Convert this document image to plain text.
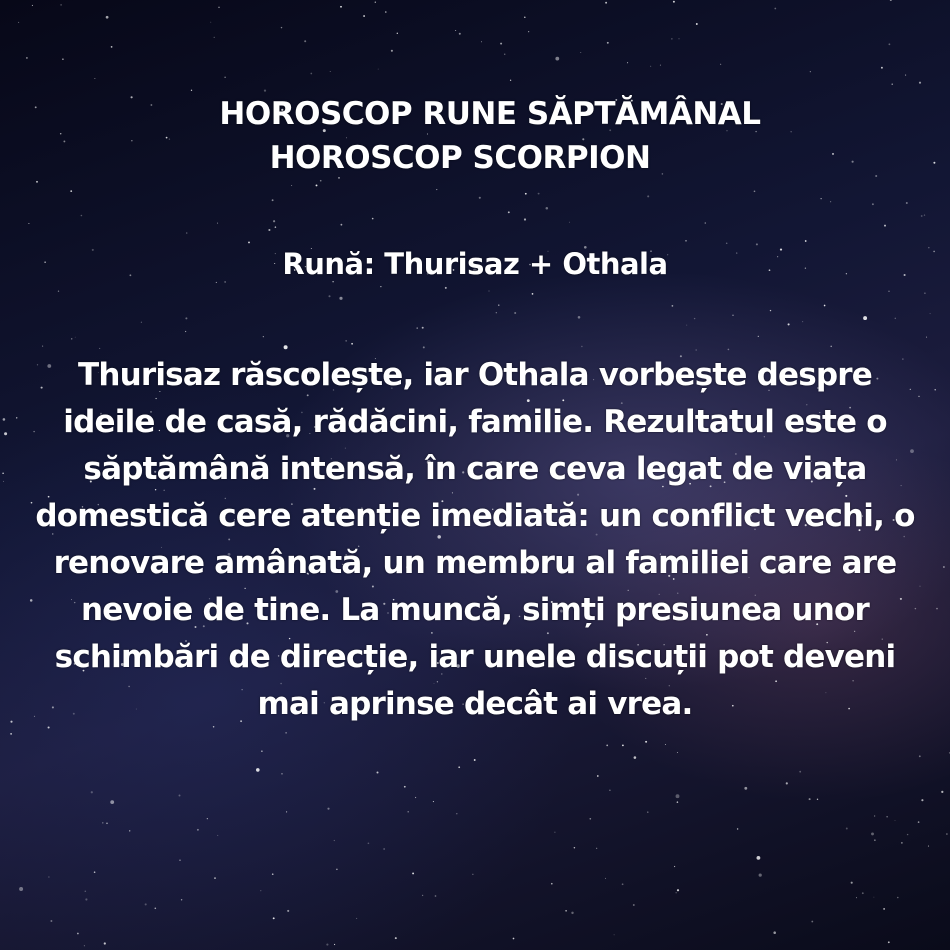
HOROSCOP RUNE SĂPTĂMÂNAL
HOROSCOP SCORPION
Rună: Thurisaz + Othala
Thurisaz răscolește, iar Othala vorbește despre ideile de casă, rădăcini, familie. Rezultatul este o săptămână intensă, în care ceva legat de viața domestică cere atenție imediată: un conflict vechi, o renovare amânată, un membru al familiei care are nevoie de tine. La muncă, simți presiunea unor schimbări de direcție, iar unele discuții pot deveni mai aprinse decât ai vrea.
